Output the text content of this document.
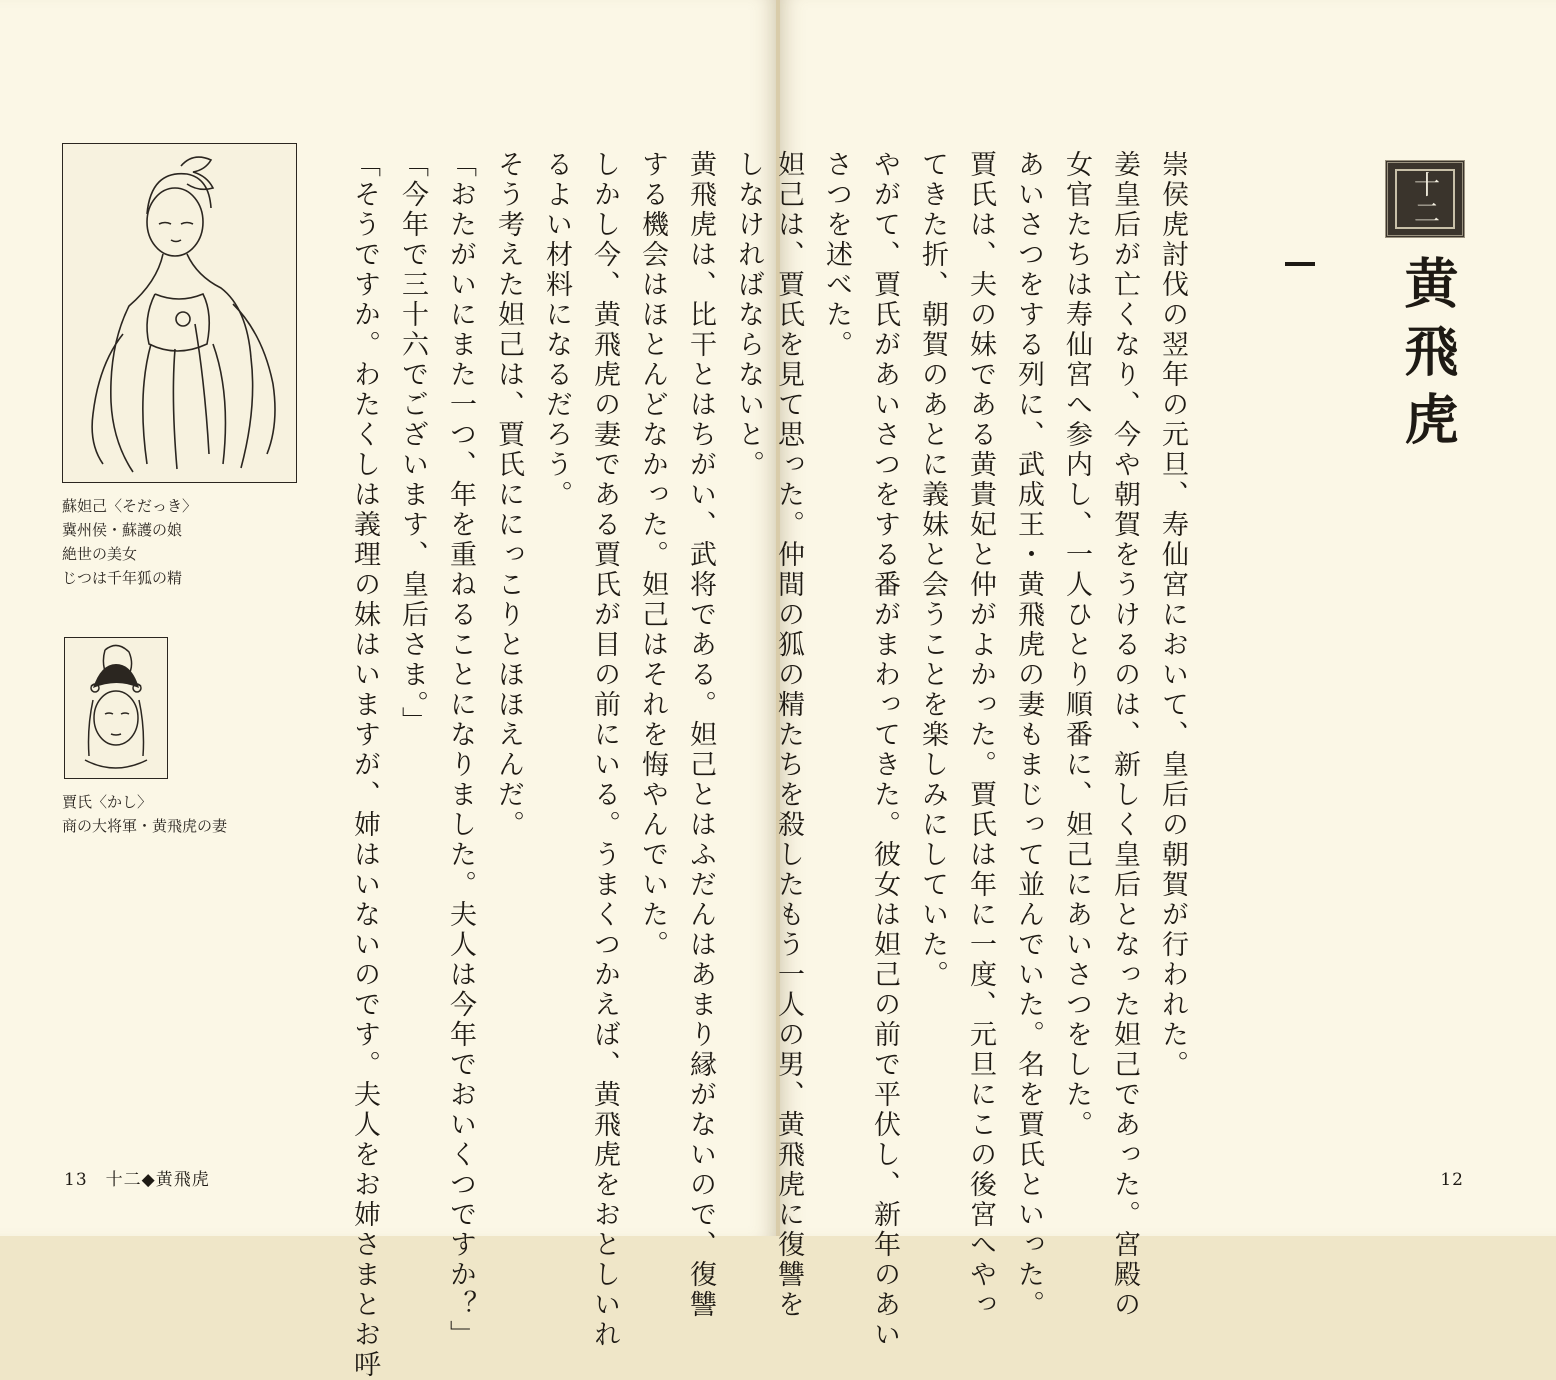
しなければならないと。
黄飛虎は、比干とはちがい、武将である。妲己とはふだんはあまり縁がないので、復讐
する機会はほとんどなかった。妲己はそれを悔やんでいた。
しかし今、黄飛虎の妻である賈氏が目の前にいる。うまくつかえば、黄飛虎をおとしいれ
るよい材料になるだろう。
そう考えた妲己は、賈氏ににっこりとほほえんだ。
「おたがいにまた一つ、年を重ねることになりました。夫人は今年でおいくつですか？」
「今年で三十六でございます、皇后さま。」
「そうですか。わたくしは義理の妹はいますが、姉はいないのです。夫人をお姉さまとお呼
蘇妲己〈そだっき〉
冀州侯・蘇護の娘
絶世の美女
じつは千年狐の精
賈氏〈かし〉
商の大将軍・黄飛虎の妻
13　十二◆黄飛虎
十二
黄飛虎
崇侯虎討伐の翌年の元旦、寿仙宮において、皇后の朝賀が行われた。
姜皇后が亡くなり、今や朝賀をうけるのは、新しく皇后となった妲己であった。宮殿の
女官たちは寿仙宮へ参内し、一人ひとり順番に、妲己にあいさつをした。
あいさつをする列に、武成王・黄飛虎の妻もまじって並んでいた。名を賈氏といった。
賈氏は、夫の妹である黄貴妃と仲がよかった。賈氏は年に一度、元旦にこの後宮へやっ
てきた折、朝賀のあとに義妹と会うことを楽しみにしていた。
やがて、賈氏があいさつをする番がまわってきた。彼女は妲己の前で平伏し、新年のあい
さつを述べた。
妲己は、賈氏を見て思った。仲間の狐の精たちを殺したもう一人の男、黄飛虎に復讐を	12
